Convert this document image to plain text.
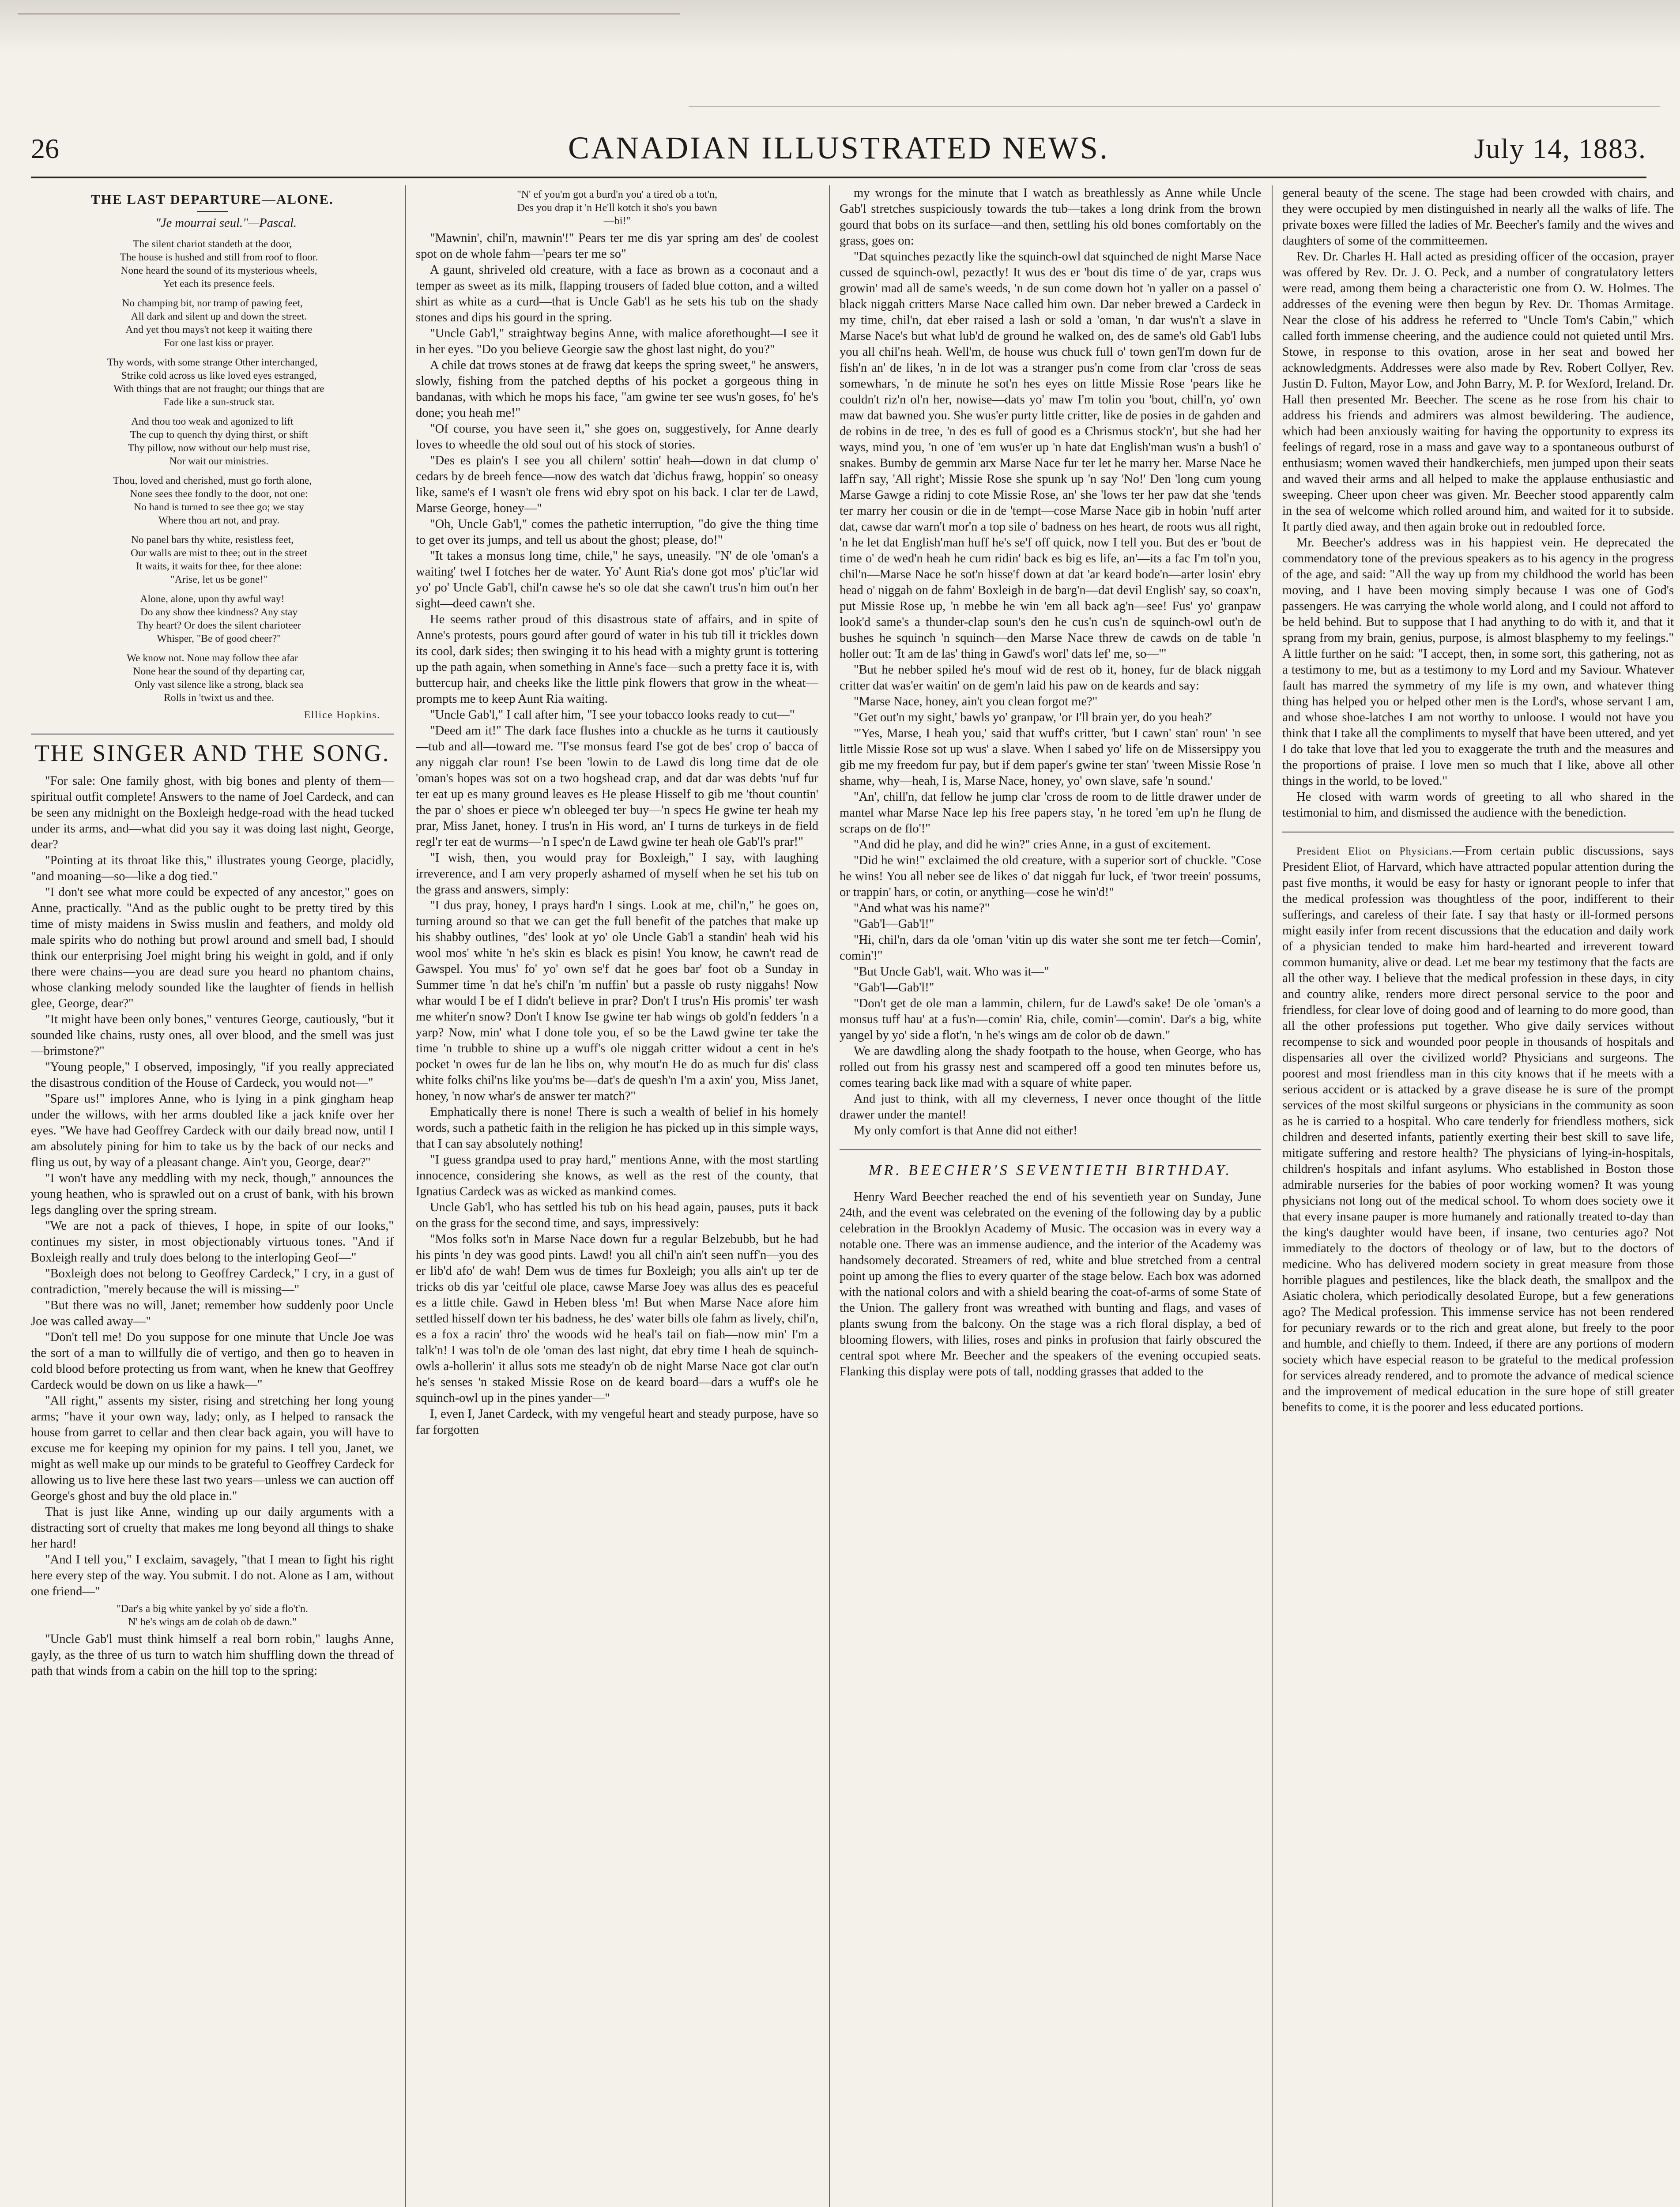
26	CANADIAN ILLUSTRATED NEWS.	July 14, 1883.
THE LAST DEPARTURE—ALONE.
"Je mourrai seul."—Pascal.
The silent chariot standeth at the door,
The house is hushed and still from roof to floor.
None heard the sound of its mysterious wheels,
Yet each its presence feels.
No champing bit, nor tramp of pawing feet,
All dark and silent up and down the street.
And yet thou mays't not keep it waiting there
For one last kiss or prayer.
Thy words, with some strange Other interchanged,
Strike cold across us like loved eyes estranged,
With things that are not fraught; our things that are
Fade like a sun-struck star.
And thou too weak and agonized to lift
The cup to quench thy dying thirst, or shift
Thy pillow, now without our help must rise,
Nor wait our ministries.
Thou, loved and cherished, must go forth alone,
None sees thee fondly to the door, not one:
No hand is turned to see thee go; we stay
Where thou art not, and pray.
No panel bars thy white, resistless feet,
Our walls are mist to thee; out in the street
It waits, it waits for thee, for thee alone:
"Arise, let us be gone!"
Alone, alone, upon thy awful way!
Do any show thee kindness? Any stay
Thy heart? Or does the silent charioteer
Whisper, "Be of good cheer?"
We know not. None may follow thee afar
None hear the sound of thy departing car,
Only vast silence like a strong, black sea
Rolls in 'twixt us and thee.
Ellice Hopkins.
THE SINGER AND THE SONG.

"For sale: One family ghost, with big bones and plenty of them—spiritual outfit complete! Answers to the name of Joel Cardeck, and can be seen any midnight on the Boxleigh hedge-road with the head tucked under its arms, and—what did you say it was doing last night, George, dear?

"Pointing at its throat like this," illustrates young George, placidly, "and moaning—so—like a dog tied."

"I don't see what more could be expected of any ancestor," goes on Anne, practically. "And as the public ought to be pretty tired by this time of misty maidens in Swiss muslin and feathers, and moldy old male spirits who do nothing but prowl around and smell bad, I should think our enterprising Joel might bring his weight in gold, and if only there were chains—you are dead sure you heard no phantom chains, whose clanking melody sounded like the laughter of fiends in hellish glee, George, dear?"

"It might have been only bones," ventures George, cautiously, "but it sounded like chains, rusty ones, all over blood, and the smell was just—brimstone?"

"Young people," I observed, imposingly, "if you really appreciated the disastrous condition of the House of Cardeck, you would not—"

"Spare us!" implores Anne, who is lying in a pink gingham heap under the willows, with her arms doubled like a jack knife over her eyes. "We have had Geoffrey Cardeck with our daily bread now, until I am absolutely pining for him to take us by the back of our necks and fling us out, by way of a pleasant change. Ain't you, George, dear?"

"I won't have any meddling with my neck, though," announces the young heathen, who is sprawled out on a crust of bank, with his brown legs dangling over the spring stream.

"We are not a pack of thieves, I hope, in spite of our looks," continues my sister, in most objectionably virtuous tones. "And if Boxleigh really and truly does belong to the interloping Geof—"

"Boxleigh does not belong to Geoffrey Cardeck," I cry, in a gust of contradiction, "merely because the will is missing—"

"But there was no will, Janet; remember how suddenly poor Uncle Joe was called away—"

"Don't tell me! Do you suppose for one minute that Uncle Joe was the sort of a man to willfully die of vertigo, and then go to heaven in cold blood before protecting us from want, when he knew that Geoffrey Cardeck would be down on us like a hawk—"

"All right," assents my sister, rising and stretching her long young arms; "have it your own way, lady; only, as I helped to ransack the house from garret to cellar and then clear back again, you will have to excuse me for keeping my opinion for my pains. I tell you, Janet, we might as well make up our minds to be grateful to Geoffrey Cardeck for allowing us to live here these last two years—unless we can auction off George's ghost and buy the old place in."

That is just like Anne, winding up our daily arguments with a distracting sort of cruelty that makes me long beyond all things to shake her hard!

"And I tell you," I exclaim, savagely, "that I mean to fight his right here every step of the way. You submit. I do not. Alone as I am, without one friend—"

"Dar's a big white yankel by yo' side a flo't'n.
N' he's wings am de colah ob de dawn."

"Uncle Gab'l must think himself a real born robin," laughs Anne, gayly, as the three of us turn to watch him shuffling down the thread of path that winds from a cabin on the hill top to the spring:

"N' ef you'm got a burd'n you' a tired ob a tot'n,
Des you drap it 'n He'll kotch it sho's you bawn
—bi!"

"Mawnin', chil'n, mawnin'!" Pears ter me dis yar spring am des' de coolest spot on de whole fahm—'pears ter me so"

A gaunt, shriveled old creature, with a face as brown as a coconaut and a temper as sweet as its milk, flapping trousers of faded blue cotton, and a wilted shirt as white as a curd—that is Uncle Gab'l as he sets his tub on the shady stones and dips his gourd in the spring.

"Uncle Gab'l," straightway begins Anne, with malice aforethought—I see it in her eyes. "Do you believe Georgie saw the ghost last night, do you?"

A chile dat trows stones at de frawg dat keeps the spring sweet," he answers, slowly, fishing from the patched depths of his pocket a gorgeous thing in bandanas, with which he mops his face, "am gwine ter see wus'n goses, fo' he's done; you heah me!"

"Of course, you have seen it," she goes on, suggestively, for Anne dearly loves to wheedle the old soul out of his stock of stories.

"Des es plain's I see you all chilern' sottin' heah—down in dat clump o' cedars by de breeh fence—now des watch dat 'dichus frawg, hoppin' so oneasy like, same's ef I wasn't ole frens wid ebry spot on his back. I clar ter de Lawd, Marse George, honey—"

"Oh, Uncle Gab'l," comes the pathetic interruption, "do give the thing time to get over its jumps, and tell us about the ghost; please, do!"

"It takes a monsus long time, chile," he says, uneasily. "N' de ole 'oman's a waiting' twel I fotches her de water. Yo' Aunt Ria's done got mos' p'tic'lar wid yo' po' Uncle Gab'l, chil'n cawse he's so ole dat she cawn't trus'n him out'n her sight—deed cawn't she.

He seems rather proud of this disastrous state of affairs, and in spite of Anne's protests, pours gourd after gourd of water in his tub till it trickles down its cool, dark sides; then swinging it to his head with a mighty grunt is tottering up the path again, when something in Anne's face—such a pretty face it is, with buttercup hair, and cheeks like the little pink flowers that grow in the wheat—prompts me to keep Aunt Ria waiting.

"Uncle Gab'l," I call after him, "I see your tobacco looks ready to cut—"

"Deed am it!" The dark face flushes into a chuckle as he turns it cautiously—tub and all—toward me. "I'se monsus feard I'se got de bes' crop o' bacca of any niggah clar roun! I'se been 'lowin to de Lawd dis long time dat de ole 'oman's hopes was sot on a two hogshead crap, and dat dar was debts 'nuf fur ter eat up es many ground leaves es He please Hisself to gib me 'thout countin' the par o' shoes er piece w'n obleeged ter buy—'n specs He gwine ter heah my prar, Miss Janet, honey. I trus'n in His word, an' I turns de turkeys in de field regl'r ter eat de wurms—'n I spec'n de Lawd gwine ter heah ole Gab'l's prar!"

"I wish, then, you would pray for Boxleigh," I say, with laughing irreverence, and I am very properly ashamed of myself when he set his tub on the grass and answers, simply:

"I dus pray, honey, I prays hard'n I sings. Look at me, chil'n," he goes on, turning around so that we can get the full benefit of the patches that make up his shabby outlines, "des' look at yo' ole Uncle Gab'l a standin' heah wid his wool mos' white 'n he's skin es black es pisin! You know, he cawn't read de Gawspel. You mus' fo' yo' own se'f dat he goes bar' foot ob a Sunday in Summer time 'n dat he's chil'n 'm nuffin' but a passle ob rusty niggahs! Now whar would I be ef I didn't believe in prar? Don't I trus'n His promis' ter wash me whiter'n snow? Don't I know Ise gwine ter hab wings ob gold'n fedders 'n a yarp? Now, min' what I done tole you, ef so be the Lawd gwine ter take the time 'n trubble to shine up a wuff's ole niggah critter widout a cent in he's pocket 'n owes fur de lan he libs on, why mout'n He do as much fur dis' class white folks chil'ns like you'ms be—dat's de quesh'n I'm a axin' you, Miss Janet, honey, 'n now whar's de answer ter match?"

Emphatically there is none! There is such a wealth of belief in his homely words, such a pathetic faith in the religion he has picked up in this simple ways, that I can say absolutely nothing!

"I guess grandpa used to pray hard," mentions Anne, with the most startling innocence, considering she knows, as well as the rest of the county, that Ignatius Cardeck was as wicked as mankind comes.

Uncle Gab'l, who has settled his tub on his head again, pauses, puts it back on the grass for the second time, and says, impressively:

"Mos folks sot'n in Marse Nace down fur a regular Belzebubb, but he had his pints 'n dey was good pints. Lawd! you all chil'n ain't seen nuff'n—you des er lib'd afo' de wah! Dem wus de times fur Boxleigh; you alls ain't up ter de tricks ob dis yar 'ceitful ole place, cawse Marse Joey was allus des es peaceful es a little chile. Gawd in Heben bless 'm! But when Marse Nace afore him settled hisself down ter his badness, he des' water bills ole fahm as lively, chil'n, es a fox a racin' thro' the woods wid he heal's tail on fiah—now min' I'm a talk'n! I was tol'n de ole 'oman des last night, dat ebry time I heah de squinch-owls a-hollerin' it allus sots me steady'n ob de night Marse Nace got clar out'n he's senses 'n staked Missie Rose on de keard board—dars a wuff's ole he squinch-owl up in the pines yander—"

I, even I, Janet Cardeck, with my vengeful heart and steady purpose, have so far forgotten

my wrongs for the minute that I watch as breathlessly as Anne while Uncle Gab'l stretches suspiciously towards the tub—takes a long drink from the brown gourd that bobs on its surface—and then, settling his old bones comfortably on the grass, goes on:

"Dat squinches pezactly like the squinch-owl dat squinched de night Marse Nace cussed de squinch-owl, pezactly! It wus des er 'bout dis time o' de yar, craps wus growin' mad all de same's weeds, 'n de sun come down hot 'n yaller on a passel o' black niggah critters Marse Nace called him own. Dar neber brewed a Cardeck in my time, chil'n, dat eber raised a lash or sold a 'oman, 'n dar wus'n't a slave in Marse Nace's but what lub'd de ground he walked on, des de same's old Gab'l lubs you all chil'ns heah. Well'm, de house wus chuck full o' town gen'l'm down fur de fish'n an' de likes, 'n in de lot was a stranger pus'n come from clar 'cross de seas somewhars, 'n de minute he sot'n hes eyes on little Missie Rose 'pears like he couldn't riz'n ol'n her, nowise—dats yo' maw I'm tolin you 'bout, chill'n, yo' own maw dat bawned you. She wus'er purty little critter, like de posies in de gahden and de robins in de tree, 'n des es full of good es a Chrismus stock'n', but she had her ways, mind you, 'n one of 'em wus'er up 'n hate dat English'man wus'n a bush'l o' snakes. Bumby de gemmin arx Marse Nace fur ter let he marry her. Marse Nace he laff'n say, 'All right'; Missie Rose she spunk up 'n say 'No!' Den 'long cum young Marse Gawge a ridinj to cote Missie Rose, an' she 'lows ter her paw dat she 'tends ter marry her cousin or die in de 'tempt—cose Marse Nace gib in hobin 'nuff arter dat, cawse dar warn't mor'n a top sile o' badness on hes heart, de roots wus all right, 'n he let dat English'man huff he's se'f off quick, now I tell you. But des er 'bout de time o' de wed'n heah he cum ridin' back es big es life, an'—its a fac I'm tol'n you, chil'n—Marse Nace he sot'n hisse'f down at dat 'ar keard bode'n—arter losin' ebry head o' niggah on de fahm' Boxleigh in de barg'n—dat devil English' say, so coax'n, put Missie Rose up, 'n mebbe he win 'em all back ag'n—see! Fus' yo' granpaw look'd same's a thunder-clap soun's den he cus'n cus'n de squinch-owl out'n de bushes he squinch 'n squinch—den Marse Nace threw de cawds on de table 'n holler out: 'It am de las' thing in Gawd's worl' dats lef' me, so—'"

"But he nebber spiled he's mouf wid de rest ob it, honey, fur de black niggah critter dat was'er waitin' on de gem'n laid his paw on de keards and say:

"Marse Nace, honey, ain't you clean forgot me?"

"Get out'n my sight,' bawls yo' granpaw, 'or I'll brain yer, do you heah?'

"'Yes, Marse, I heah you,' said that wuff's critter, 'but I cawn' stan' roun' 'n see little Missie Rose sot up wus' a slave. When I sabed yo' life on de Missersippy you gib me my freedom fur pay, but if dem paper's gwine ter stan' 'tween Missie Rose 'n shame, why—heah, I is, Marse Nace, honey, yo' own slave, safe 'n sound.'

"An', chill'n, dat fellow he jump clar 'cross de room to de little drawer under de mantel whar Marse Nace lep his free papers stay, 'n he tored 'em up'n he flung de scraps on de flo'!"

"And did he play, and did he win?" cries Anne, in a gust of excitement.

"Did he win!" exclaimed the old creature, with a superior sort of chuckle. "Cose he wins! You all neber see de likes o' dat niggah fur luck, ef 'twor treein' possums, or trappin' hars, or cotin, or anything—cose he win'd!"

"And what was his name?"

"Gab'l—Gab'l!"

"Hi, chil'n, dars da ole 'oman 'vitin up dis water she sont me ter fetch—Comin', comin'!"

"But Uncle Gab'l, wait. Who was it—"

"Gab'l—Gab'l!"

"Don't get de ole man a lammin, chilern, fur de Lawd's sake! De ole 'oman's a monsus tuff hau' at a fus'n—comin' Ria, chile, comin'—comin'. Dar's a big, white yangel by yo' side a flot'n, 'n he's wings am de color ob de dawn."

We are dawdling along the shady footpath to the house, when George, who has rolled out from his grassy nest and scampered off a good ten minutes before us, comes tearing back like mad with a square of white paper.

And just to think, with all my cleverness, I never once thought of the little drawer under the mantel!

My only comfort is that Anne did not either!

MR. BEECHER'S SEVENTIETH BIRTHDAY.

Henry Ward Beecher reached the end of his seventieth year on Sunday, June 24th, and the event was celebrated on the evening of the following day by a public celebration in the Brooklyn Academy of Music. The occasion was in every way a notable one. There was an immense audience, and the interior of the Academy was handsomely decorated. Streamers of red, white and blue stretched from a central point up among the flies to every quarter of the stage below. Each box was adorned with the national colors and with a shield bearing the coat-of-arms of some State of the Union. The gallery front was wreathed with bunting and flags, and vases of plants swung from the balcony. On the stage was a rich floral display, a bed of blooming flowers, with lilies, roses and pinks in profusion that fairly obscured the central spot where Mr. Beecher and the speakers of the evening occupied seats. Flanking this display were pots of tall, nodding grasses that added to the

general beauty of the scene. The stage had been crowded with chairs, and they were occupied by men distinguished in nearly all the walks of life. The private boxes were filled the ladies of Mr. Beecher's family and the wives and daughters of some of the committeemen.

Rev. Dr. Charles H. Hall acted as presiding officer of the occasion, prayer was offered by Rev. Dr. J. O. Peck, and a number of congratulatory letters were read, among them being a characteristic one from O. W. Holmes. The addresses of the evening were then begun by Rev. Dr. Thomas Armitage. Near the close of his address he referred to "Uncle Tom's Cabin," which called forth immense cheering, and the audience could not quieted until Mrs. Stowe, in response to this ovation, arose in her seat and bowed her acknowledgments. Addresses were also made by Rev. Robert Collyer, Rev. Justin D. Fulton, Mayor Low, and John Barry, M. P. for Wexford, Ireland. Dr. Hall then presented Mr. Beecher. The scene as he rose from his chair to address his friends and admirers was almost bewildering. The audience, which had been anxiously waiting for having the opportunity to express its feelings of regard, rose in a mass and gave way to a spontaneous outburst of enthusiasm; women waved their handkerchiefs, men jumped upon their seats and waved their arms and all helped to make the applause enthusiastic and sweeping. Cheer upon cheer was given. Mr. Beecher stood apparently calm in the sea of welcome which rolled around him, and waited for it to subside. It partly died away, and then again broke out in redoubled force.

Mr. Beecher's address was in his happiest vein. He deprecated the commendatory tone of the previous speakers as to his agency in the progress of the age, and said: "All the way up from my childhood the world has been moving, and I have been moving simply because I was one of God's passengers. He was carrying the whole world along, and I could not afford to be held behind. But to suppose that I had anything to do with it, and that it sprang from my brain, genius, purpose, is almost blasphemy to my feelings." A little further on he said: "I accept, then, in some sort, this gathering, not as a testimony to me, but as a testimony to my Lord and my Saviour. Whatever fault has marred the symmetry of my life is my own, and whatever thing thing has helped you or helped other men is the Lord's, whose servant I am, and whose shoe-latches I am not worthy to unloose. I would not have you think that I take all the compliments to myself that have been uttered, and yet I do take that love that led you to exaggerate the truth and the measures and the proportions of praise. I love men so much that I like, above all other things in the world, to be loved."

He closed with warm words of greeting to all who shared in the testimonial to him, and dismissed the audience with the benediction.

President Eliot on Physicians.—From certain public discussions, says President Eliot, of Harvard, which have attracted popular attention during the past five months, it would be easy for hasty or ignorant people to infer that the medical profession was thoughtless of the poor, indifferent to their sufferings, and careless of their fate. I say that hasty or ill-formed persons might easily infer from recent discussions that the education and daily work of a physician tended to make him hard-hearted and irreverent toward common humanity, alive or dead. Let me bear my testimony that the facts are all the other way. I believe that the medical profession in these days, in city and country alike, renders more direct personal service to the poor and friendless, for clear love of doing good and of learning to do more good, than all the other professions put together. Who give daily services without recompense to sick and wounded poor people in thousands of hospitals and dispensaries all over the civilized world? Physicians and surgeons. The poorest and most friendless man in this city knows that if he meets with a serious accident or is attacked by a grave disease he is sure of the prompt services of the most skilful surgeons or physicians in the community as soon as he is carried to a hospital. Who care tenderly for friendless mothers, sick children and deserted infants, patiently exerting their best skill to save life, mitigate suffering and restore health? The physicians of lying-in-hospitals, children's hospitals and infant asylums. Who established in Boston those admirable nurseries for the babies of poor working women? It was young physicians not long out of the medical school. To whom does society owe it that every insane pauper is more humanely and rationally treated to-day than the king's daughter would have been, if insane, two centuries ago? Not immediately to the doctors of theology or of law, but to the doctors of medicine. Who has delivered modern society in great measure from those horrible plagues and pestilences, like the black death, the smallpox and the Asiatic cholera, which periodically desolated Europe, but a few generations ago? The Medical profession. This immense service has not been rendered for pecuniary rewards or to the rich and great alone, but freely to the poor and humble, and chiefly to them. Indeed, if there are any portions of modern society which have especial reason to be grateful to the medical profession for services already rendered, and to promote the advance of medical science and the improvement of medical education in the sure hope of still greater benefits to come, it is the poorer and less educated portions.
